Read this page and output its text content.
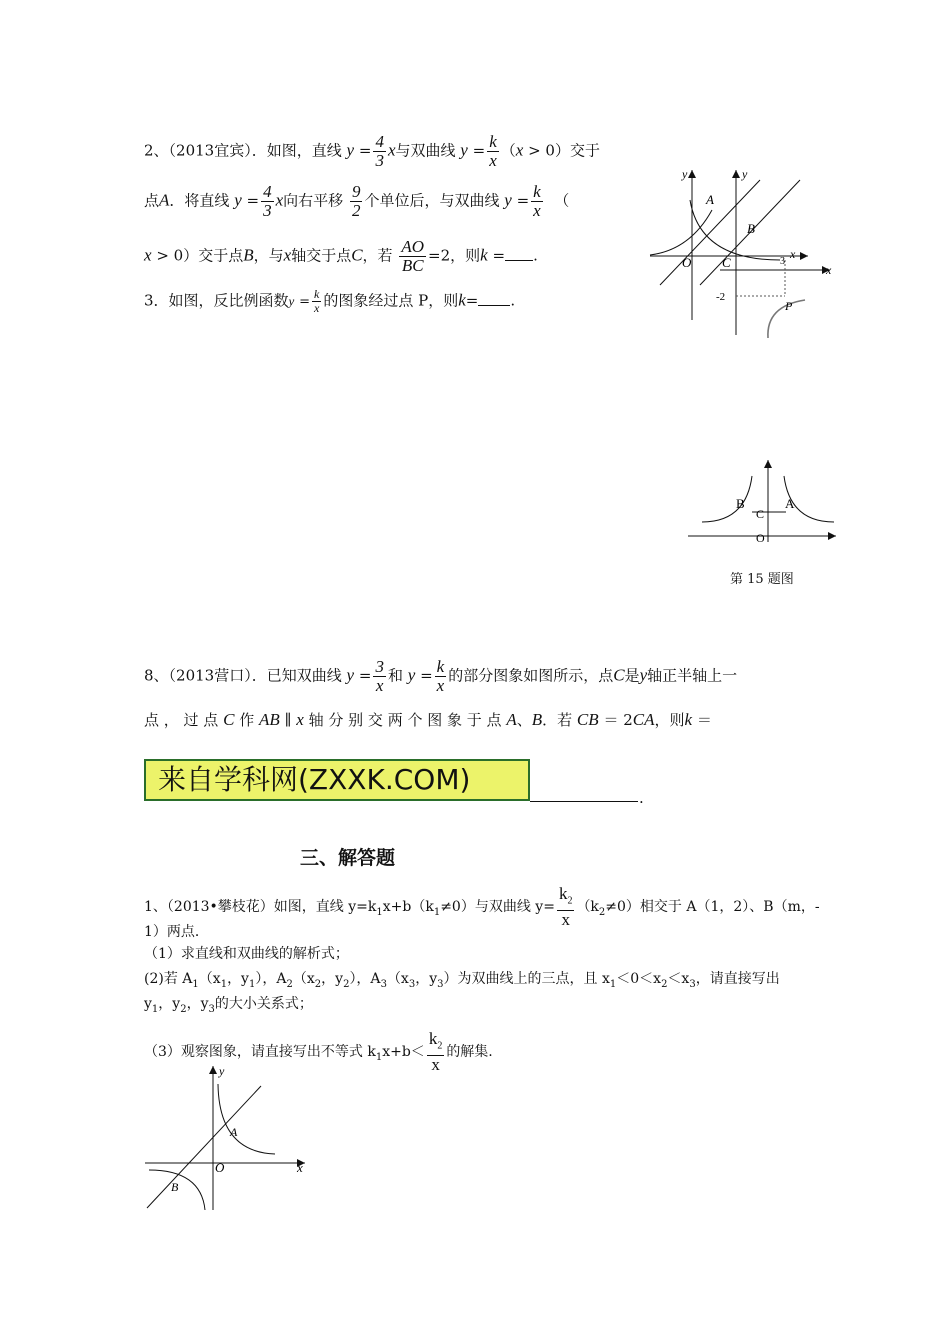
2、（2013宜宾）．如图，直线 $y = \frac{4}{3}$ x与双曲线 $y = \frac{k}{x} (x > 0)$交于
点A．将直线 $y = \frac{4}{3}$ x向右平移 $\frac{9}{2}$ 个单位后，与双曲线 $y = \frac{k}{x}$ （
x > 0）交于点B，与x轴交于点C，若 $\frac{AO}{BC} =2$，则k = .
3．如图，反比例函数$y = \frac{k}{x}$ 的图象经过点 P，则k= .
A
B
O C
y
x
y
x
3
-2
P
B	A
C
O
第 15 题图
8、（2013营口）．已知双曲线 $y = \frac{3}{x}$ 和 $y = \frac{k}{x}$ 的部分图象如图所示，点C是y轴正半轴上一
点 ， 过 点 C 作 AB ∥ x 轴 分 别 交 两 个 图 象 于 点 A、B．若 CB ＝ 2CA，则k ＝
来自学科网(ZXXK.COM)
.
三、解答题
1、（2013•攀枝花）如图，直线 $y=k_1x+b(k_1\ne 0)$与双曲线 $y= \frac{k_2}{x} (k_2\ne 0)$相交于 A（1，2）、B（m，-
1）两点．
（1）求直线和双曲线的解析式；
(2)若 $A_1(x_1$，$y_1$），$A_2(x_2$，$y_2$），$A_3(x_3$，$y_3$）为双曲线上的三点，且 $x_1<0<x_2<x_3$，请直接写出
$y_1$，$y_2$，$y_3$的大小关系式；
（3）观察图象，请直接写出不等式 $k_1x+b< \frac{k_2}{x}$ 的解集.
y
x
A
O
B
